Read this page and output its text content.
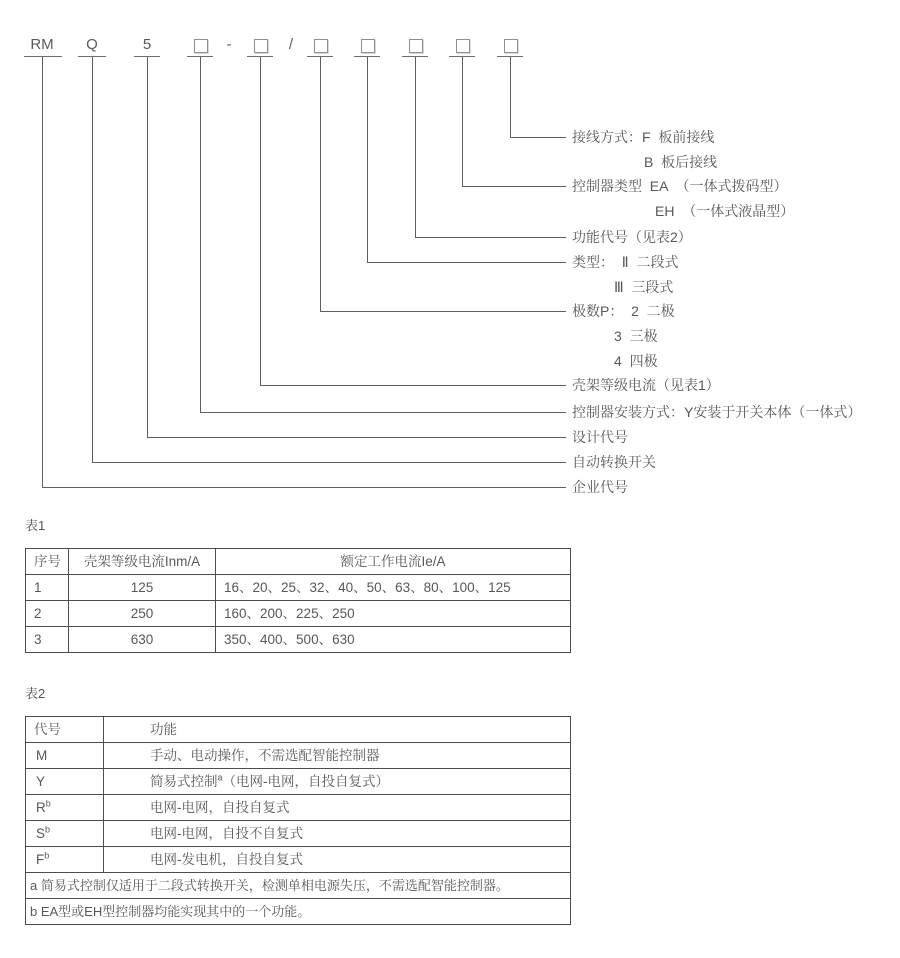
RM Q	5	-	/
接线方式：F  板前接线
B  板后接线
控制器类型  EA  （一体式拨码型）
EH  （一体式液晶型）
功能代号（见表2）
类型：  Ⅱ  二段式
Ⅲ  三段式
极数P：  2  二极
3  三极
4  四极
壳架等级电流（见表1）
控制器安装方式：Y安装于开关本体（一体式）
设计代号
自动转换开关
企业代号
表1
序号	壳架等级电流Inm/A	额定工作电流Ie/A
1	125	16、20、25、32、40、50、63、80、100、125
2	250	160、200、225、250
3	630	350、400、500、630
表2
代号	功能
M	手动、电动操作，不需选配智能控制器
Y	简易式控制$^a$（电网-电网，自投自复式）
$R^b$	电网-电网，自投自复式
$S^b$	电网-电网，自投不自复式
$F^b$	电网-发电机，自投自复式
a 简易式控制仅适用于二段式转换开关，检测单相电源失压，不需选配智能控制器。	
b EA型或EH型控制器均能实现其中的一个功能。	
